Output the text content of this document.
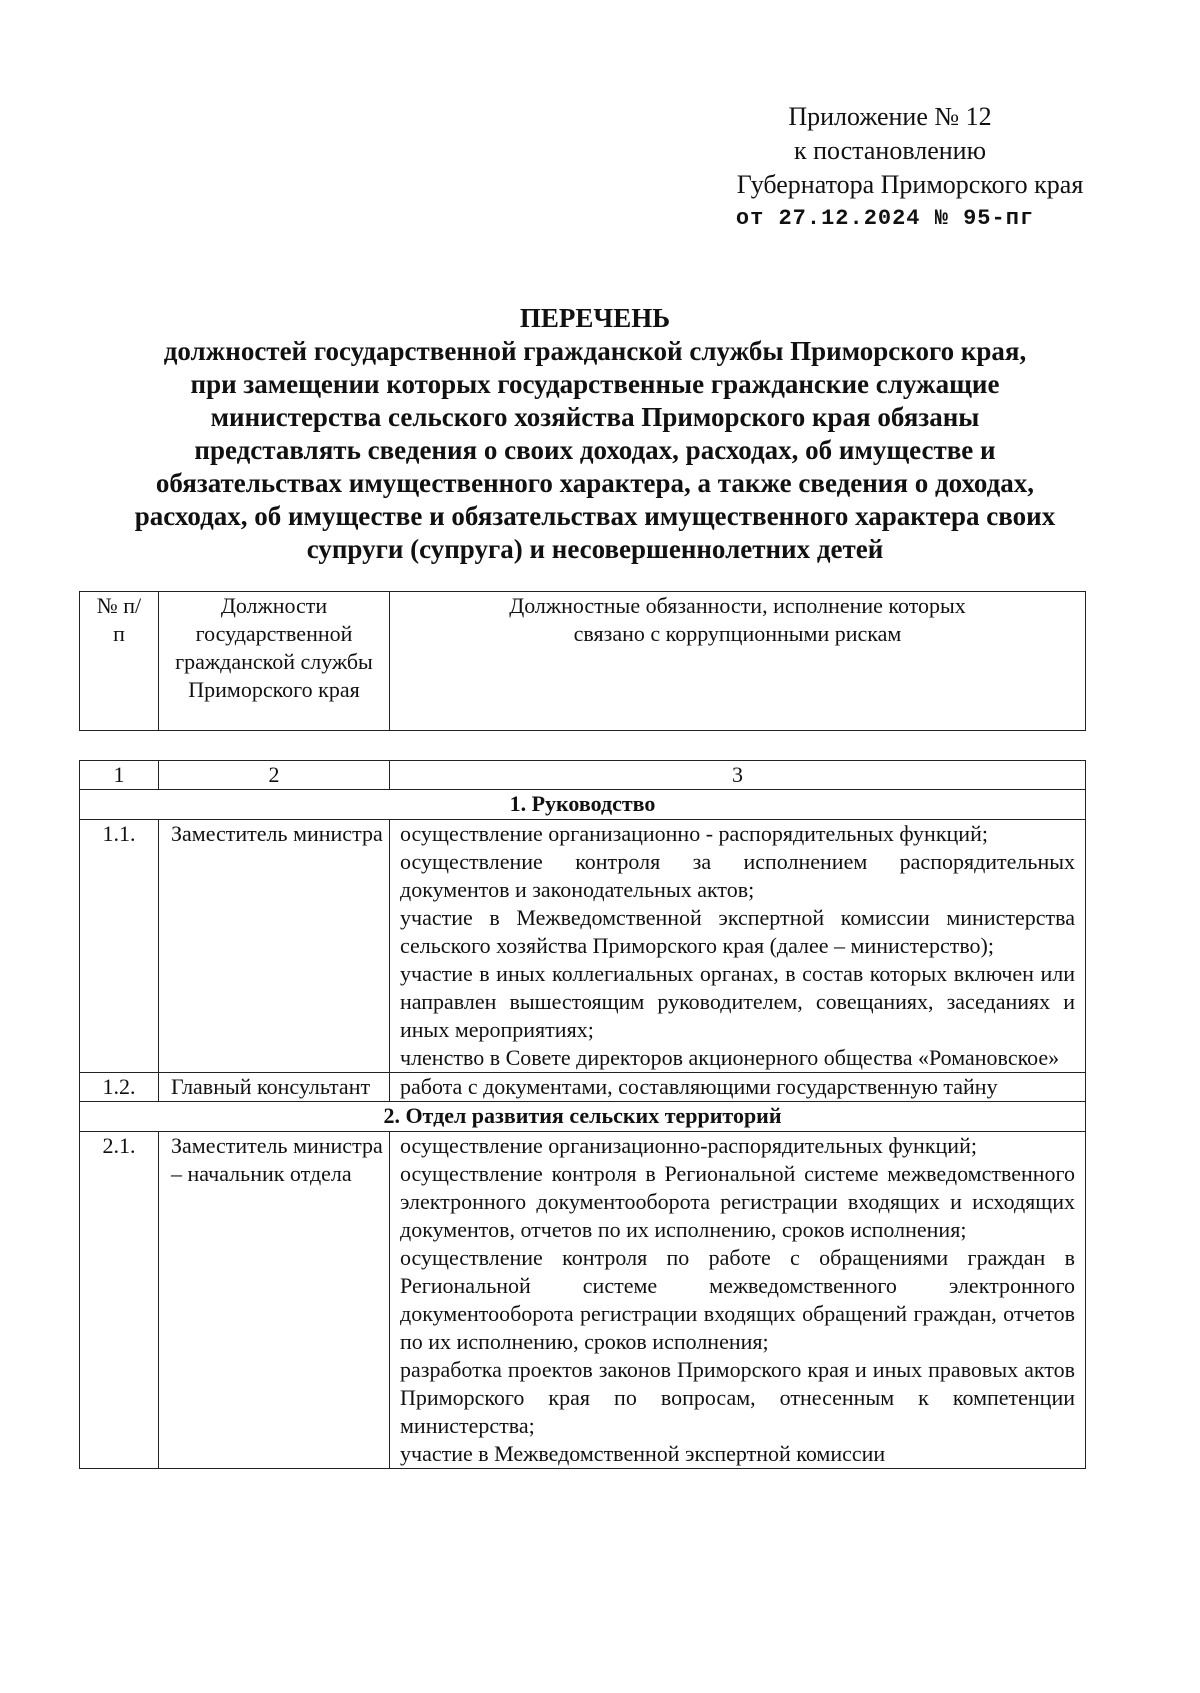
Приложение № 12
к постановлению
Губернатора Приморского края
от 27.12.2024 № 95-пг
ПЕРЕЧЕНЬ
должностей государственной гражданской службы Приморского края,
при замещении которых государственные гражданские служащие
министерства сельского хозяйства Приморского края обязаны
представлять сведения о своих доходах, расходах, об имуществе и
обязательствах имущественного характера, а также сведения о доходах,
расходах, об имуществе и обязательствах имущественного характера своих
супруги (супруга) и несовершеннолетних детей
№ п/п	Должности государственной гражданской службы Приморского края	Должностные обязанности, исполнение которых связано с коррупционными рискам
1	2	3
1. Руководство		
1.1.	Заместитель министра	осуществление организационно - распорядительных функций;
осуществление контроля за исполнением распорядительных документов и законодательных актов;
участие в Межведомственной экспертной комиссии министерства сельского хозяйства Приморского края (далее – министерство);
участие в иных коллегиальных органах, в состав которых включен или направлен вышестоящим руководителем, совещаниях, заседаниях и иных мероприятиях;
членство в Совете директоров акционерного общества «Романовское»

1.2.	Главный консультант	работа с документами, составляющими государственную тайну

2. Отдел развития сельских территорий		
2.1.	Заместитель министра – начальник отдела	осуществление организационно-распорядительных функций;
осуществление контроля в Региональной системе межведомственного электронного документооборота регистрации входящих и исходящих документов, отчетов по их исполнению, сроков исполнения;
осуществление контроля по работе с обращениями граждан в Региональной системе межведомственного электронного документооборота регистрации входящих обращений граждан, отчетов по их исполнению, сроков исполнения;
разработка проектов законов Приморского края и иных правовых актов Приморского края по вопросам, отнесенным к компетенции министерства;
участие в Межведомственной экспертной комиссии
